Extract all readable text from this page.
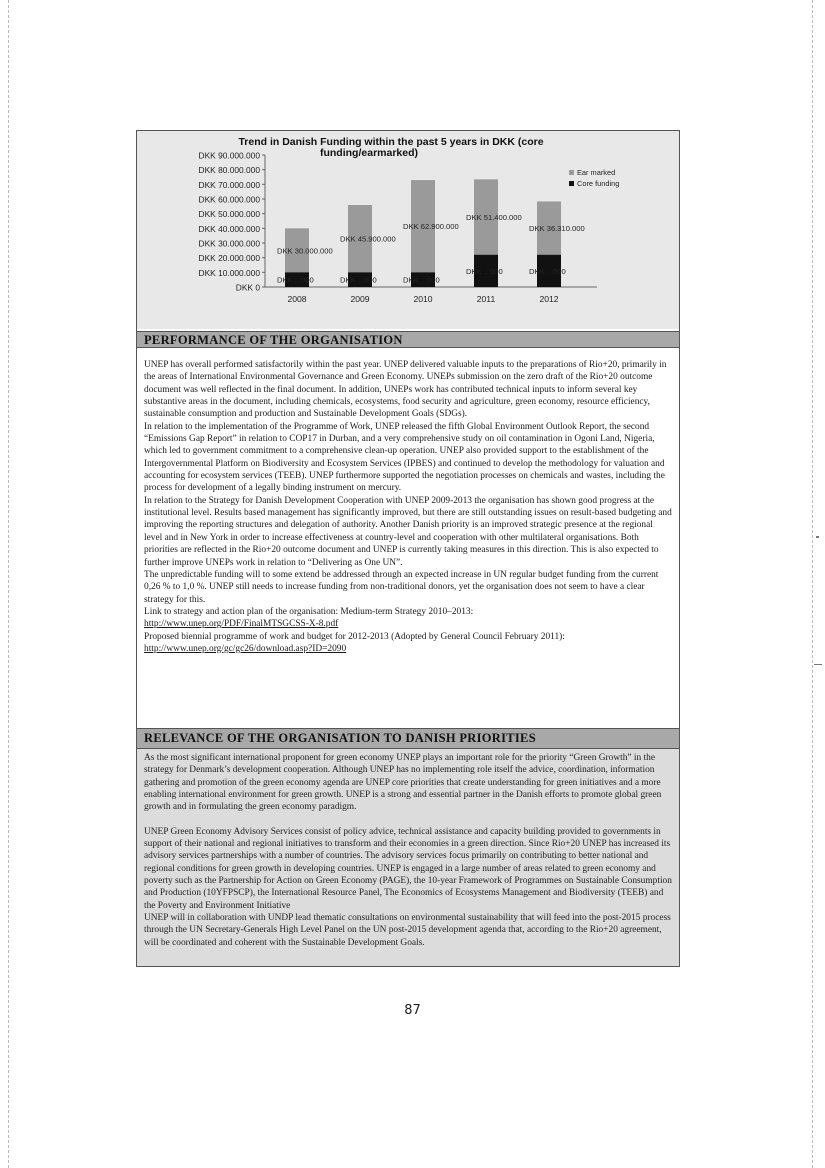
Trend in Danish Funding within the past 5 years in DKK (core
funding/earmarked)
DKK 90.000.000
DKK 80.000.000
DKK 70.000.000
DKK 60.000.000
DKK 50.000.000
DKK 40.000.000
DKK 30.000.000
DKK 20.000.000
DKK 10.000.000
DKK 0
DKK 30.000.000
DKK ...000
DKK 45.900.000
DKK ...000
DKK 62.900.000
DKK ...000
DKK 51.400.000
DKK ...000
DKK 36.310.000
DKK ...000
2008	2009	2010	2011	2012
Ear marked
Core funding
PERFORMANCE OF THE ORGANISATION

UNEP has overall performed satisfactorily within the past year. UNEP delivered valuable inputs to the preparations of Rio+20, primarily in the areas of International Environmental Governance and Green Economy. UNEPs submission on the zero draft of the Rio+20 outcome document was well reflected in the final document. In addition, UNEPs work has contributed technical inputs to inform several key substantive areas in the document, including chemicals, ecosystems, food security and agriculture, green economy, resource efficiency, sustainable consumption and production and Sustainable Development Goals (SDGs).

In relation to the implementation of the Programme of Work, UNEP released the fifth Global Environment Outlook Report, the second “Emissions Gap Report” in relation to COP17 in Durban, and a very comprehensive study on oil contamination in Ogoni Land, Nigeria, which led to government commitment to a comprehensive clean-up operation. UNEP also provided support to the establishment of the Intergovernmental Platform on Biodiversity and Ecosystem Services (IPBES) and continued to develop the methodology for valuation and accounting for ecosystem services (TEEB). UNEP furthermore supported the negotiation processes on chemicals and wastes, including the process for development of a legally binding instrument on mercury.

In relation to the Strategy for Danish Development Cooperation with UNEP 2009-2013 the organisation has shown good progress at the institutional level. Results based management has significantly improved, but there are still outstanding issues on result-based budgeting and improving the reporting structures and delegation of authority. Another Danish priority is an improved strategic presence at the regional level and in New York in order to increase effectiveness at country-level and cooperation with other multilateral organisations. Both priorities are reflected in the Rio+20 outcome document and UNEP is currently taking measures in this direction. This is also expected to further improve UNEPs work in relation to “Delivering as One UN”.

The unpredictable funding will to some extend be addressed through an expected increase in UN regular budget funding from the current 0,26 % to 1,0 %. UNEP still needs to increase funding from non-traditional donors, yet the organisation does not seem to have a clear strategy for this.

Link to strategy and action plan of the organisation: Medium-term Strategy 2010–2013:

http://www.unep.org/PDF/FinalMTSGCSS-X-8.pdf

Proposed biennial programme of work and budget for 2012-2013 (Adopted by General Council February 2011):

http://www.unep.org/gc/gc26/download.asp?ID=2090

RELEVANCE OF THE ORGANISATION TO DANISH PRIORITIES

As the most significant international proponent for green economy UNEP plays an important role for the priority “Green Growth” in the strategy for Denmark’s development cooperation. Although UNEP has no implementing role itself the advice, coordination, information gathering and promotion of the green economy agenda are UNEP core priorities that create understanding for green initiatives and a more enabling international environment for green growth. UNEP is a strong and essential partner in the Danish efforts to promote global green growth and in formulating the green economy paradigm.

UNEP Green Economy Advisory Services consist of policy advice, technical assistance and capacity building provided to governments in support of their national and regional initiatives to transform and their economies in a green direction. Since Rio+20 UNEP has increased its advisory services partnerships with a number of countries. The advisory services focus primarily on contributing to better national and regional conditions for green growth in developing countries. UNEP is engaged in a large number of areas related to green economy and poverty such as the Partnership for Action on Green Economy (PAGE), the 10-year Framework of Programmes on Sustainable Consumption and Production (10YFPSCP), the International Resource Panel, The Economics of Ecosystems Management and Biodiversity (TEEB) and the Poverty and Environment Initiative

UNEP will in collaboration with UNDP lead thematic consultations on environmental sustainability that will feed into the post-2015 process through the UN Secretary-Generals High Level Panel on the UN post-2015 development agenda that, according to the Rio+20 agreement, will be coordinated and coherent with the Sustainable Development Goals.

87
